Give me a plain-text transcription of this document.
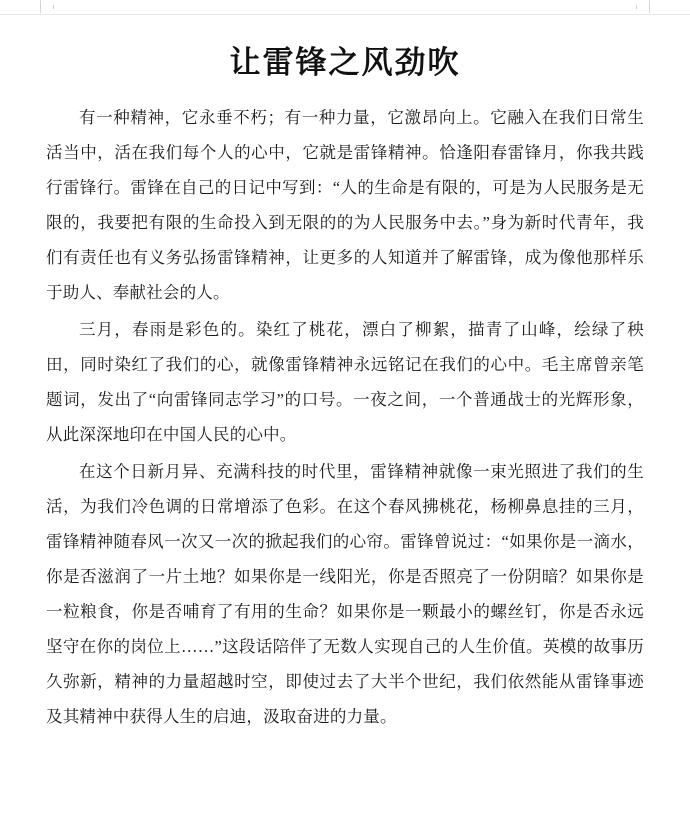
让雷锋之风劲吹

有一种精神，它永垂不朽；有一种力量，它激昂向上。它融入在我们日常生活当中，活在我们每个人的心中，它就是雷锋精神。恰逢阳春雷锋月，你我共践行雷锋行。雷锋在自己的日记中写到：“人的生命是有限的，可是为人民服务是无限的，我要把有限的生命投入到无限的的为人民服务中去。”身为新时代青年，我们有责任也有义务弘扬雷锋精神，让更多的人知道并了解雷锋，成为像他那样乐于助人、奉献社会的人。

三月，春雨是彩色的。染红了桃花，漂白了柳絮，描青了山峰，绘绿了秧田，同时染红了我们的心，就像雷锋精神永远铭记在我们的心中。毛主席曾亲笔题词，发出了“向雷锋同志学习”的口号。一夜之间，一个普通战士的光辉形象，从此深深地印在中国人民的心中。

在这个日新月异、充满科技的时代里，雷锋精神就像一束光照进了我们的生活，为我们冷色调的日常增添了色彩。在这个春风拂桃花，杨柳鼻息挂的三月，雷锋精神随春风一次又一次的掀起我们的心帘。雷锋曾说过：“如果你是一滴水，你是否滋润了一片土地？如果你是一线阳光，你是否照亮了一份阴暗？如果你是一粒粮食，你是否哺育了有用的生命？如果你是一颗最小的螺丝钉，你是否永远坚守在你的岗位上……”这段话陪伴了无数人实现自己的人生价值。英模的故事历久弥新，精神的力量超越时空，即使过去了大半个世纪，我们依然能从雷锋事迹及其精神中获得人生的启迪，汲取奋进的力量。
